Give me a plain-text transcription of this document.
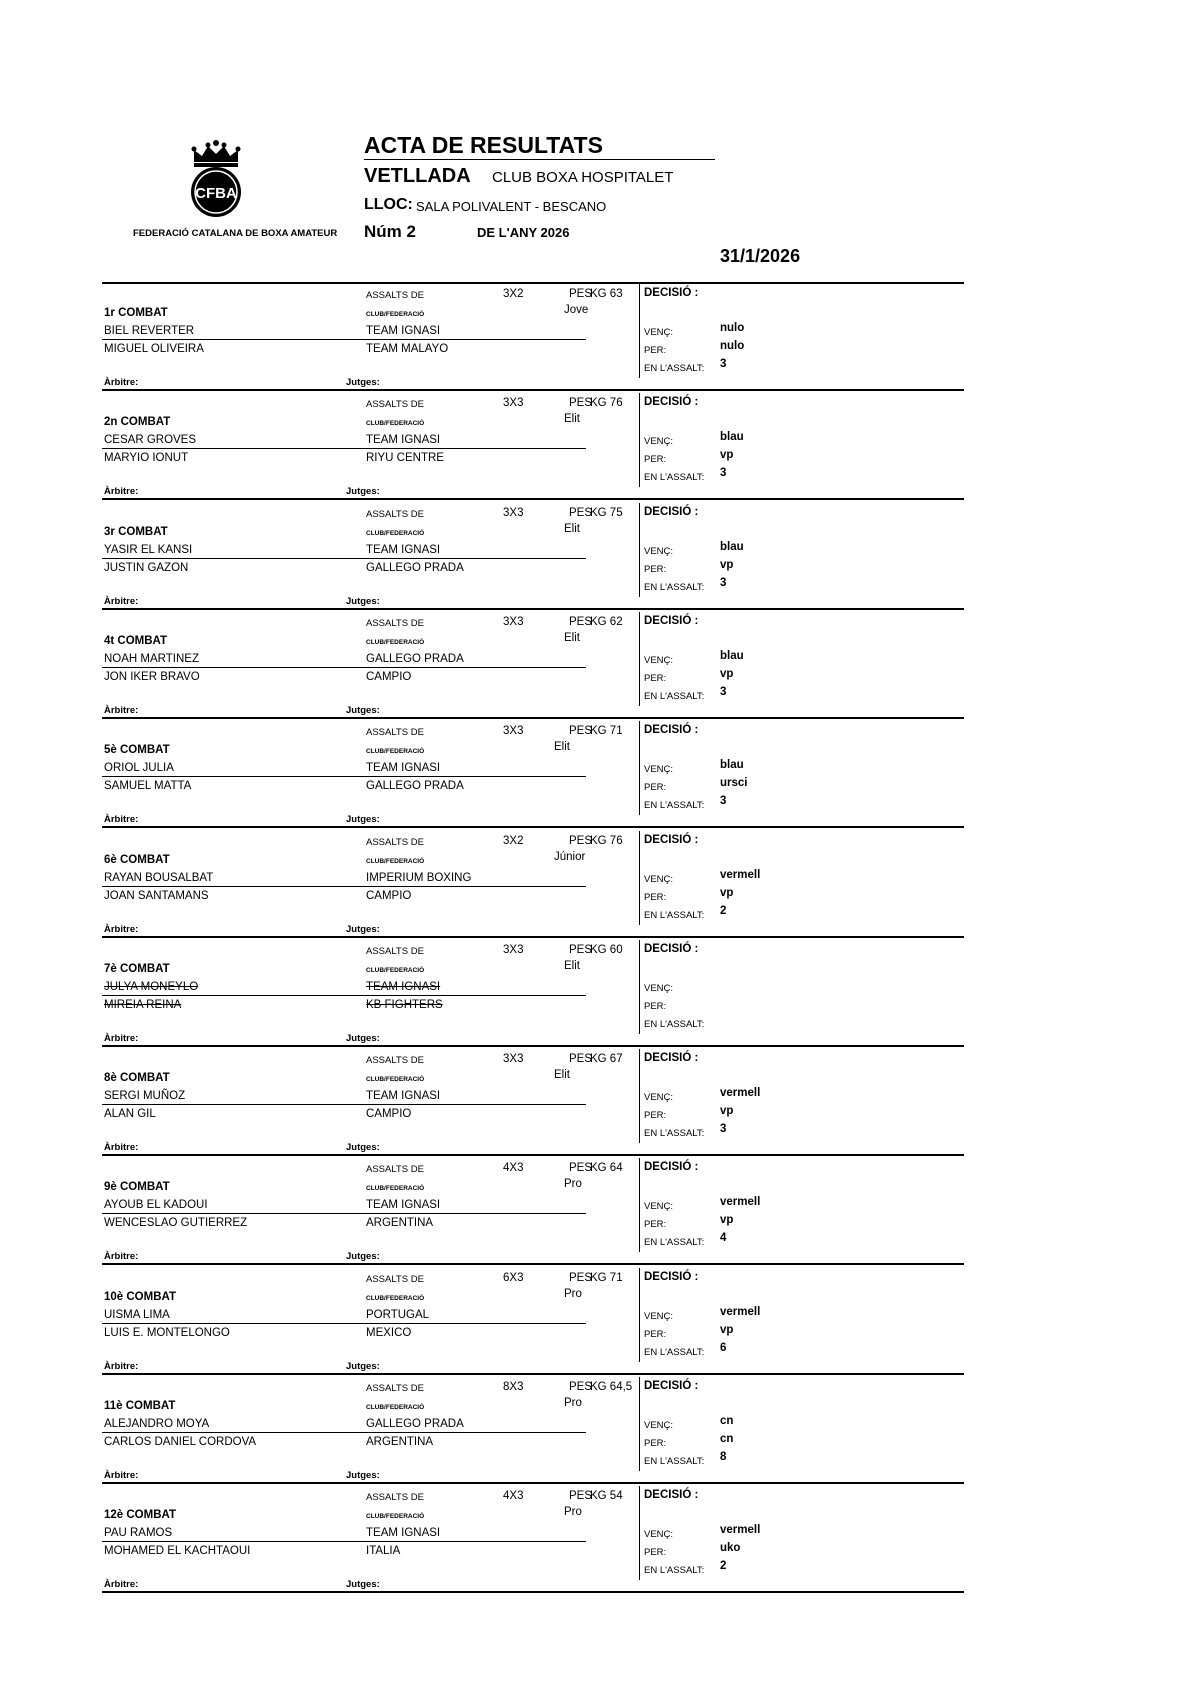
CFBA
FEDERACIÓ CATALANA DE BOXA AMATEUR
ACTA DE RESULTATS
VETLLADA CLUB BOXA HOSPITALET
LLOC: SALA POLIVALENT - BESCANO
Núm 2	DE L'ANY 2026
31/1/2026
ASSALTS DE	3X2	PES
KG 63 DECISIÓ :
1r COMBAT	CLUB/FEDERACIÓ	Jove
BIEL REVERTER	TEAM IGNASI	VENÇ:	nulo
MIGUEL OLIVEIRA	TEAM MALAYO	PER:	nulo
EN L'ASSALT: 3
Àrbitre:	Jutges:
ASSALTS DE	3X3	PES
KG 76 DECISIÓ :
2n COMBAT	CLUB/FEDERACIÓ	Elit
CESAR GROVES	TEAM IGNASI	VENÇ:	blau
MARYIO IONUT	RIYU CENTRE	PER:	vp
EN L'ASSALT: 3
Àrbitre:	Jutges:
ASSALTS DE	3X3	PES
KG 75 DECISIÓ :
3r COMBAT	CLUB/FEDERACIÓ	Elit
YASIR EL KANSI	TEAM IGNASI	VENÇ:	blau
JUSTIN GAZON	GALLEGO PRADA	PER:	vp
EN L'ASSALT: 3
Àrbitre:	Jutges:
ASSALTS DE	3X3	PES
KG 62 DECISIÓ :
4t COMBAT	CLUB/FEDERACIÓ	Elit
NOAH MARTINEZ	GALLEGO PRADA	VENÇ:	blau
JON IKER BRAVO	CAMPIO	PER:	vp
EN L'ASSALT: 3
Àrbitre:	Jutges:
ASSALTS DE	3X3	PES
KG 71 DECISIÓ :
5è COMBAT	CLUB/FEDERACIÓ	Elit
ORIOL JULIA	TEAM IGNASI	VENÇ:	blau
SAMUEL MATTA	GALLEGO PRADA	PER:	ursci
EN L'ASSALT: 3
Àrbitre:	Jutges:
ASSALTS DE	3X2	PES
KG 76 DECISIÓ :
6è COMBAT	CLUB/FEDERACIÓ	Júnior
RAYAN BOUSALBAT	IMPERIUM BOXING	VENÇ:	vermell
JOAN SANTAMANS	CAMPIO	PER:	vp
EN L'ASSALT: 2
Àrbitre:	Jutges:
ASSALTS DE	3X3	PES
KG 60 DECISIÓ :
7è COMBAT	CLUB/FEDERACIÓ	Elit
JULYA MONEYLO	TEAM IGNASI	VENÇ:
MIREIA REINA	KB FIGHTERS	PER:
EN L'ASSALT:
Àrbitre:	Jutges:
ASSALTS DE	3X3	PES
KG 67 DECISIÓ :
8è COMBAT	CLUB/FEDERACIÓ	Elit
SERGI MUÑOZ	TEAM IGNASI	VENÇ:	vermell
ALAN GIL	CAMPIO	PER:	vp
EN L'ASSALT: 3
Àrbitre:	Jutges:
ASSALTS DE	4X3	PES
KG 64 DECISIÓ :
9è COMBAT	CLUB/FEDERACIÓ	Pro
AYOUB EL KADOUI	TEAM IGNASI	VENÇ:	vermell
WENCESLAO GUTIERREZ	ARGENTINA	PER:	vp
EN L'ASSALT: 4
Àrbitre:	Jutges:
ASSALTS DE	6X3	PES
KG 71 DECISIÓ :
10è COMBAT	CLUB/FEDERACIÓ	Pro
UISMA LIMA	PORTUGAL	VENÇ:	vermell
LUIS E. MONTELONGO	MEXICO	PER:	vp
EN L'ASSALT: 6
Àrbitre:	Jutges:
ASSALTS DE	8X3	PES
KG 64,5 DECISIÓ :
11è COMBAT	CLUB/FEDERACIÓ	Pro
ALEJANDRO MOYA	GALLEGO PRADA	VENÇ:	cn
CARLOS DANIEL CORDOVA	ARGENTINA	PER:	cn
EN L'ASSALT: 8
Àrbitre:	Jutges:
ASSALTS DE	4X3	PES
KG 54 DECISIÓ :
12è COMBAT	CLUB/FEDERACIÓ	Pro
PAU RAMOS	TEAM IGNASI	VENÇ:	vermell
MOHAMED EL KACHTAOUI	ITALIA	PER:	uko
EN L'ASSALT: 2
Àrbitre:	Jutges:
